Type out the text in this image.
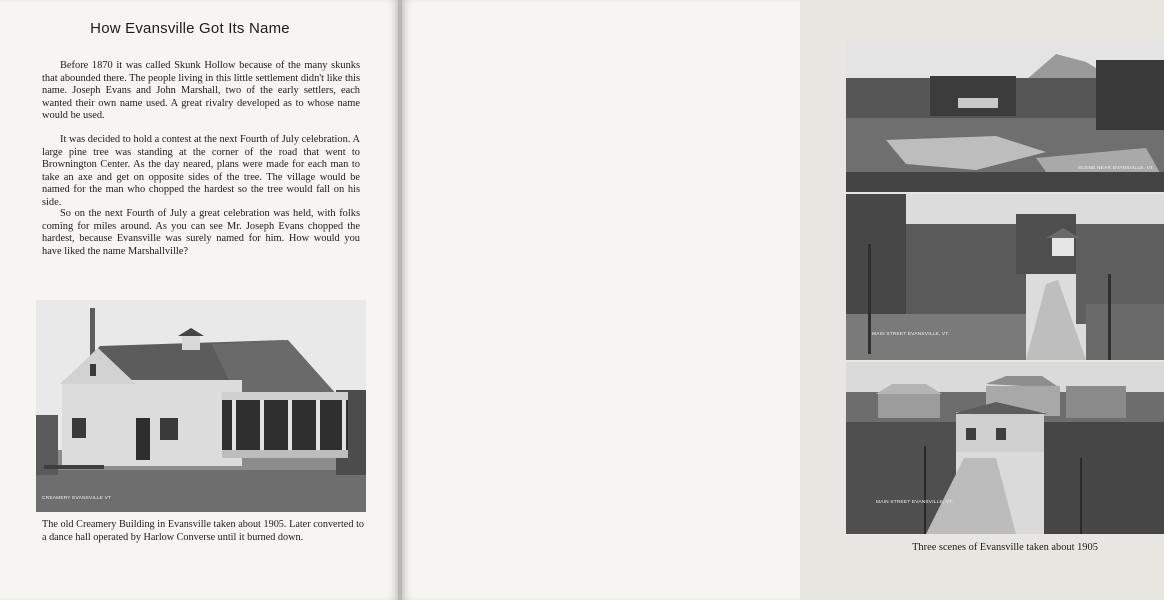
How Evansville Got Its Name

Before 1870 it was called Skunk Hollow because of the many skunks that abounded there. The people living in this little settlement didn't like this name. Joseph Evans and John Marshall, two of the early settlers, each wanted their own name used. A great rivalry developed as to whose name would be used.

It was decided to hold a contest at the next Fourth of July celebration. A large pine tree was standing at the corner of the road that went to Brownington Center. As the day neared, plans were made for each man to take an axe and get on opposite sides of the tree. The village would be named for the man who chopped the hardest so the tree would fall on his side.

So on the next Fourth of July a great celebration was held, with folks coming for miles around. As you can see Mr. Joseph Evans chopped the hardest, because Evansville was surely named for him. How would you have liked the name Marshallville?

CREAMERY EVANSVILLE VT

The old Creamery Building in Evansville taken about 1905. Later converted to a dance hall operated by Harlow Converse until it burned down.

SCENE NEAR EVANSVILLE, VT.
MAIN STREET EVANSVILLE, VT.
MAIN STREET EVANSVILLE, VT.

Three scenes of Evansville taken about 1905
